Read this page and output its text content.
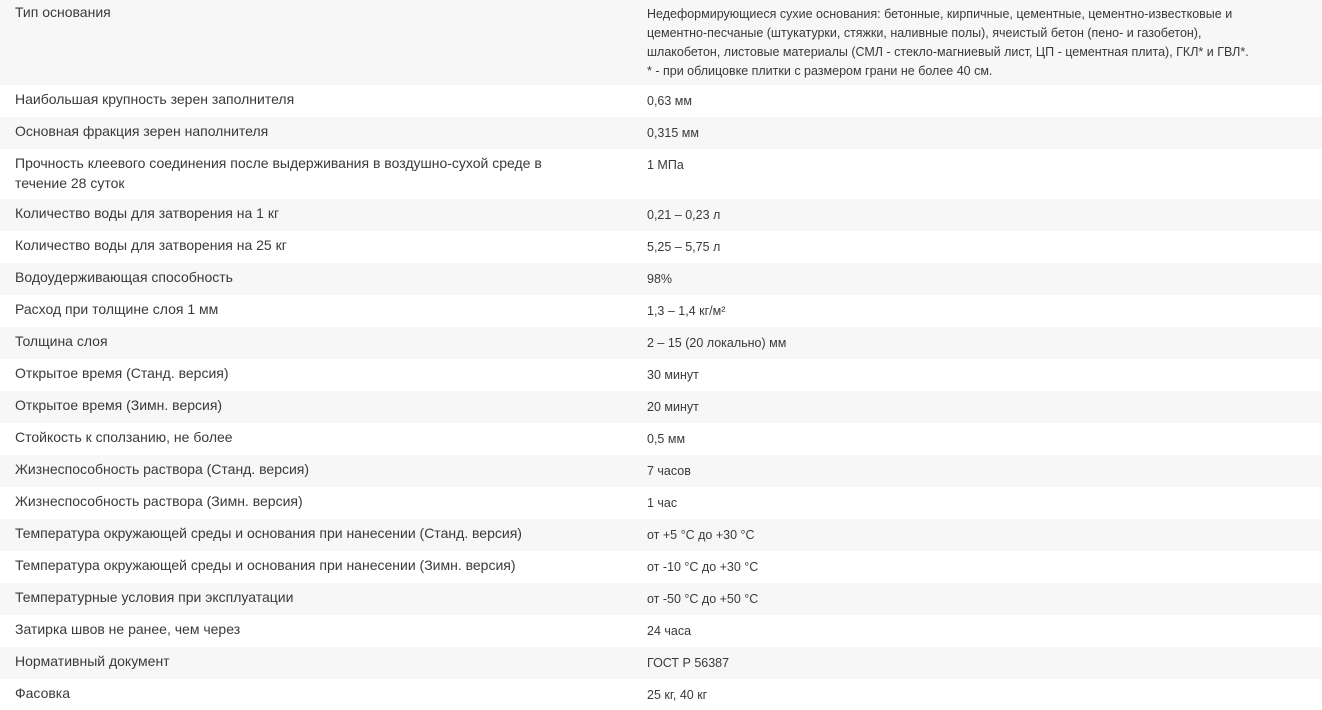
Тип основания	Недеформирующиеся сухие основания: бетонные, кирпичные, цементные, цементно-известковые и цементно-песчаные (штукатурки, стяжки, наливные полы), ячеистый бетон (пено- и газобетон), шлакобетон, листовые материалы (СМЛ - стекло-магниевый лист, ЦП - цементная плита), ГКЛ* и ГВЛ*. * - при облицовке плитки с размером грани не более 40 см.
Наибольшая крупность зерен заполнителя	0,63 мм
Основная фракция зерен наполнителя	0,315 мм
Прочность клеевого соединения после выдерживания в воздушно-сухой среде в течение 28 суток	1 МПа
Количество воды для затворения на 1 кг	0,21 – 0,23 л
Количество воды для затворения на 25 кг	5,25 – 5,75 л
Водоудерживающая способность	98%
Расход при толщине слоя 1 мм	1,3 – 1,4 кг/м²
Толщина слоя	2 – 15 (20 локально) мм
Открытое время (Станд. версия)	30 минут
Открытое время (Зимн. версия)	20 минут
Стойкость к сползанию, не более	0,5 мм
Жизнеспособность раствора (Станд. версия)	7 часов
Жизнеспособность раствора (Зимн. версия)	1 час
Температура окружающей среды и основания при нанесении (Станд. версия)	от +5 °С до +30 °С
Температура окружающей среды и основания при нанесении (Зимн. версия)	от -10 °С до +30 °С
Температурные условия при эксплуатации	от -50 °С до +50 °С
Затирка швов не ранее, чем через	24 часа
Нормативный документ	ГОСТ Р 56387
Фасовка	25 кг, 40 кг
